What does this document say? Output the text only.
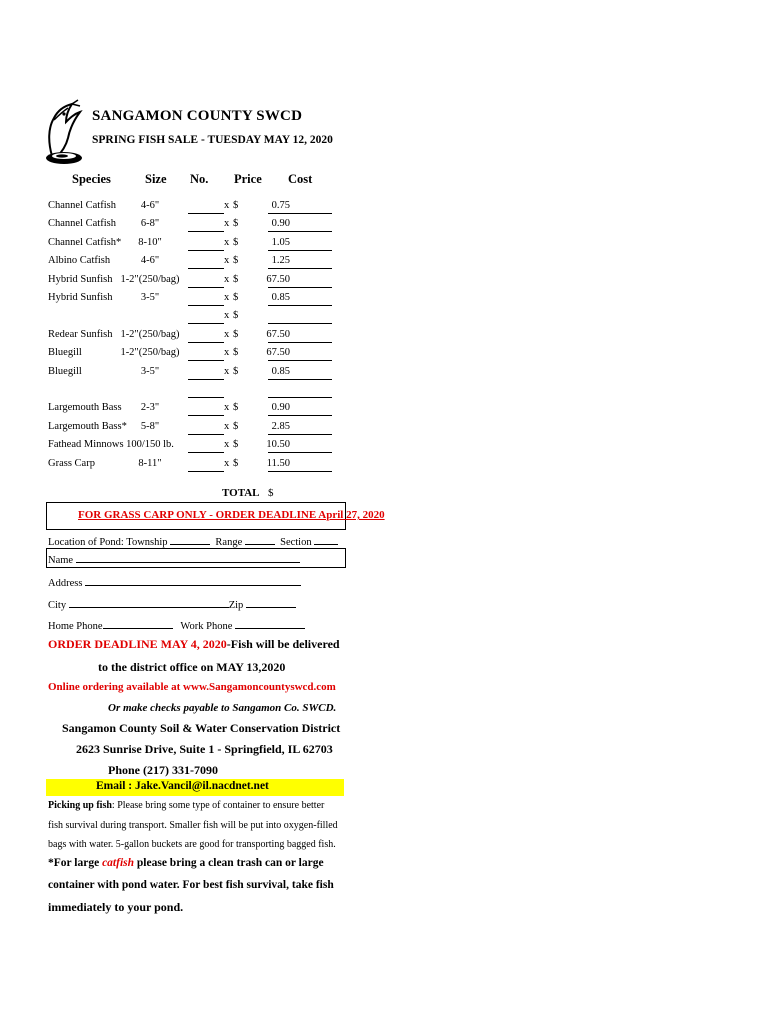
SANGAMON COUNTY SWCD
SPRING FISH SALE - TUESDAY MAY 12, 2020
Species	Size No. Price Cost
Channel Catfish	4-6"	x $	0.75
Channel Catfish	6-8"	x $	0.90
Channel Catfish*	8-10"	x $	1.05
Albino Catfish	4-6"	x $	1.25
Hybrid Sunfish 1-2"(250/bag)	x $	67.50
Hybrid Sunfish	3-5"	x $	0.85
x $
Redear Sunfish 1-2"(250/bag)	x $	67.50
Bluegill	1-2"(250/bag)	x $	67.50
Bluegill	3-5"	x $	0.85
Largemouth Bass	2-3"	x $	0.90
Largemouth Bass*	5-8"	x $	2.85
Fathead Minnows 100/150 lb.	x $	10.50
Grass Carp	8-11"	x $	11.50
TOTAL $
FOR GRASS CARP ONLY - ORDER DEADLINE April 27, 2020
Location of Pond: Township	Range	Section
Name
Address
City	Zip
Home Phone	Work Phone
ORDER DEADLINE MAY 4, 2020-Fish will be delivered
to the district office on MAY 13,2020
Online ordering available at www.Sangamoncountyswcd.com
Or make checks payable to Sangamon Co. SWCD.
Sangamon County Soil & Water Conservation District
2623 Sunrise Drive, Suite 1 - Springfield, IL 62703
Phone (217) 331-7090
Email : Jake.Vancil@il.nacdnet.net
Picking up fish: Please bring some type of container to ensure better
fish survival during transport. Smaller fish will be put into oxygen-filled
bags with water. 5-gallon buckets are good for transporting bagged fish.
*For large catfish please bring a clean trash can or large
container with pond water. For best fish survival, take fish
immediately to your pond.
